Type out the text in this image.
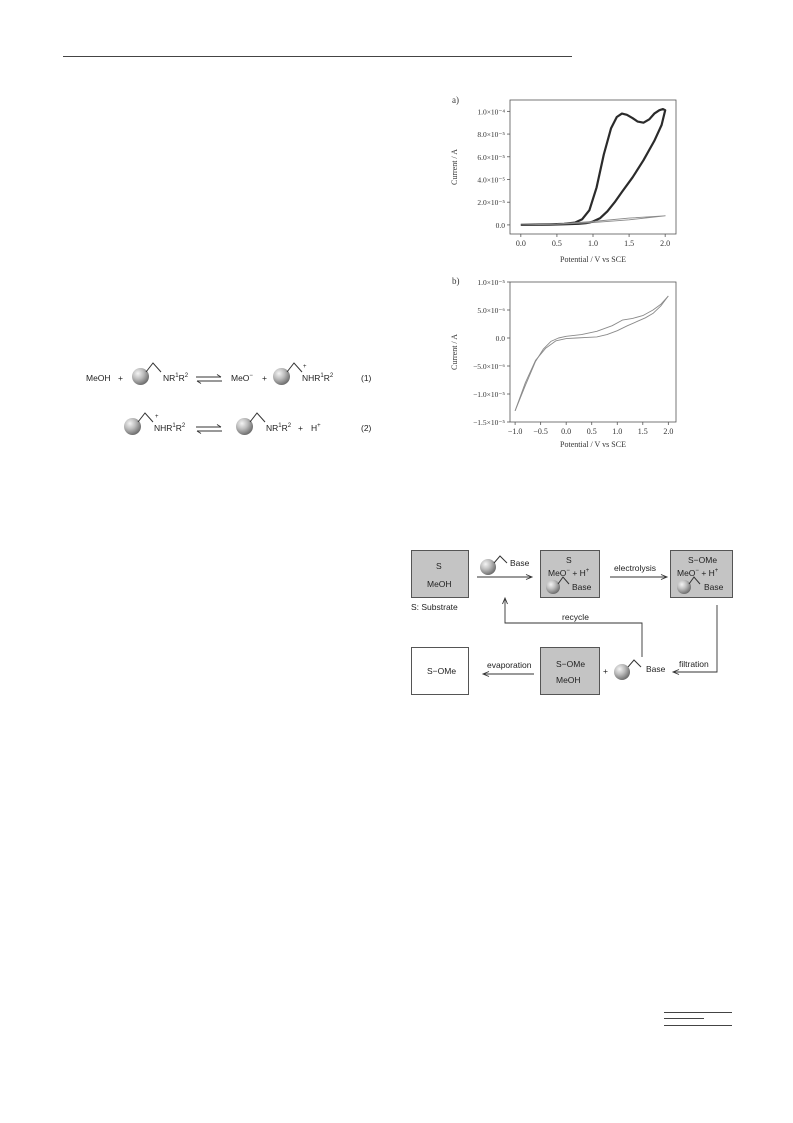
MeOH +	$NR^1R^2$	MeO− +
+
$NHR^1R^2$	(1)
+
$NHR^1R^2$	$NR^1R^2 + H^+$	(2)
a)
0.0	0.5	1.0	1.5	2.0
0.0
2.0×10⁻⁵
4.0×10⁻⁵
6.0×10⁻⁵
8.0×10⁻⁵
1.0×10⁻⁴
Potential / V vs SCE
Current / A
b)
−1.0 −0.5 0.0 0.5 1.0 1.5 2.0
−1.5×10⁻⁵
−1.0×10⁻⁵
−5.0×10⁻⁶
0.0
5.0×10⁻⁶
1.0×10⁻⁵
Potential / V vs SCE
Current / A
S
MeOH
S: Substrate
Base	S
MeO− + H+
Base
electrolysis
S−OMe
MeO− + H+
Base
filtration
recycle
+	Base
S−OMe
MeOH
evaporation
S−OMe
